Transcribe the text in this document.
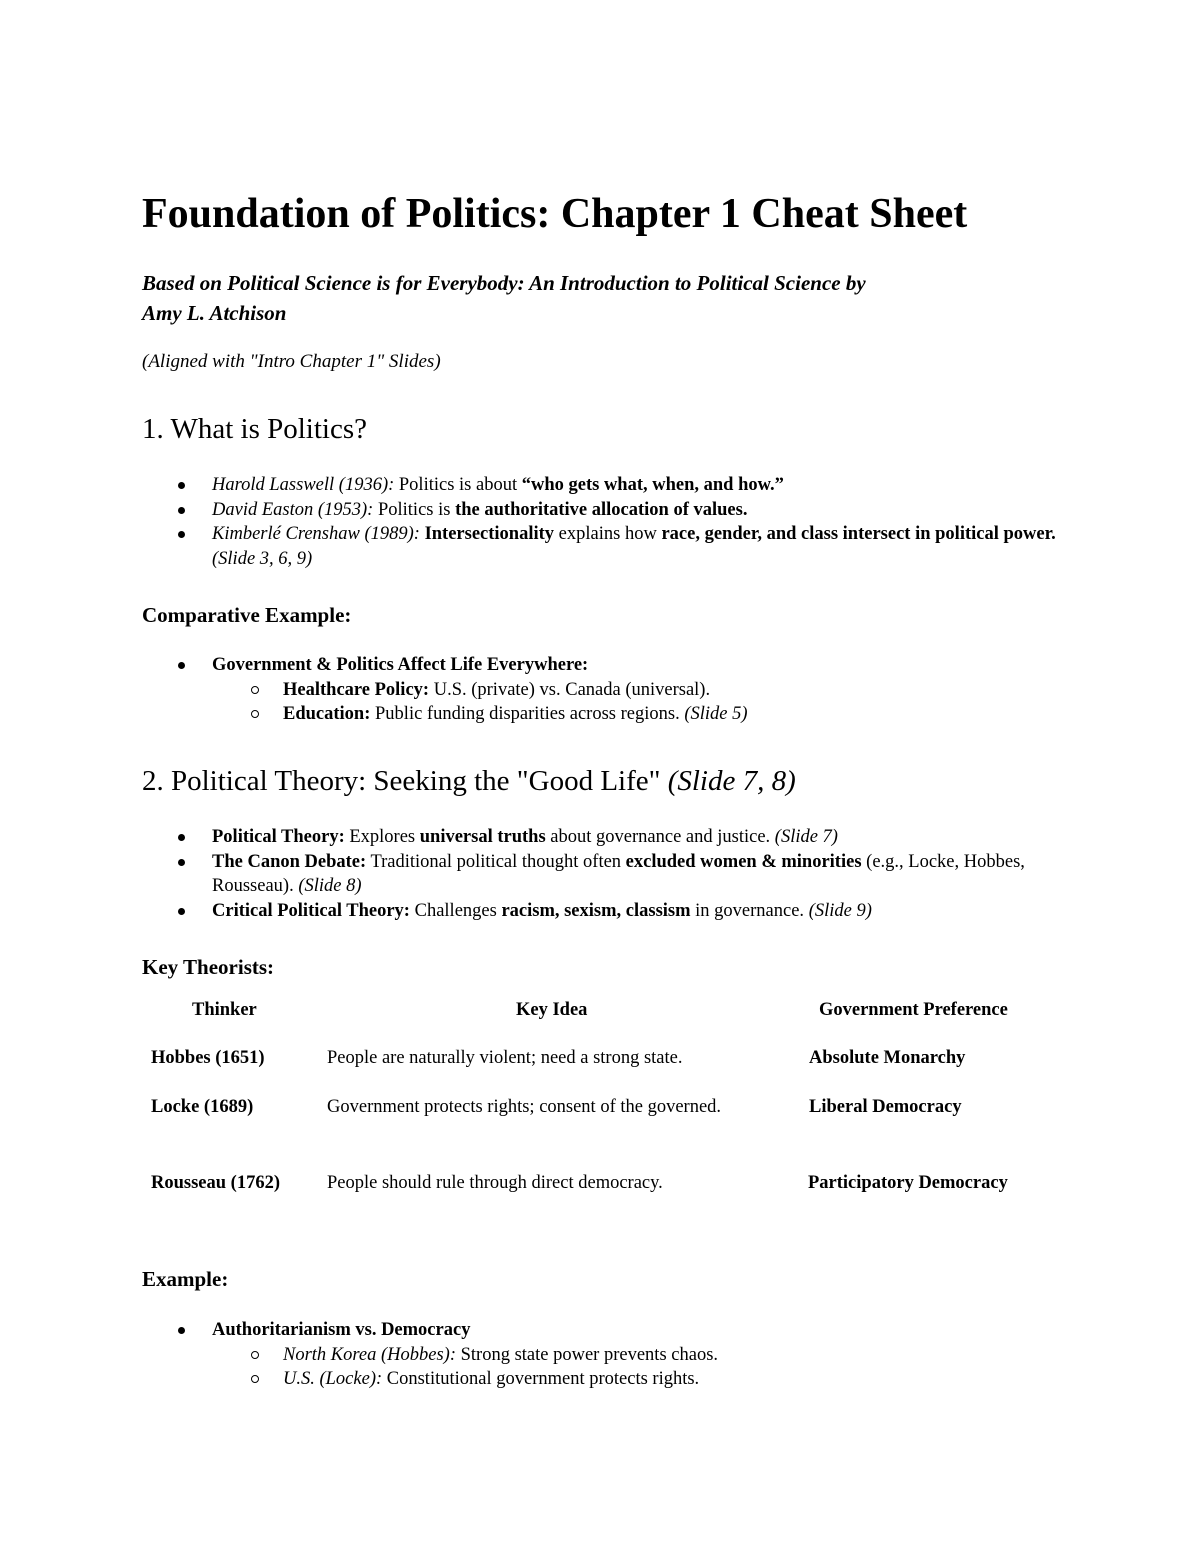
Foundation of Politics: Chapter 1 Cheat Sheet
Based on Political Science is for Everybody: An Introduction to Political Science by
Amy L. Atchison
(Aligned with "Intro Chapter 1" Slides)
1. What is Politics?
Harold Lasswell (1936): Politics is about “who gets what, when, and how.”
David Easton (1953): Politics is the authoritative allocation of values.
Kimberlé Crenshaw (1989): Intersectionality explains how race, gender, and class intersect in political power. (Slide 3, 6, 9)
Comparative Example:
Government & Politics Affect Life Everywhere:
Healthcare Policy: U.S. (private) vs. Canada (universal).
Education: Public funding disparities across regions. (Slide 5)
2. Political Theory: Seeking the "Good Life" (Slide 7, 8)
Political Theory: Explores universal truths about governance and justice. (Slide 7)
The Canon Debate: Traditional political thought often excluded women & minorities (e.g., Locke, Hobbes, Rousseau). (Slide 8)
Critical Political Theory: Challenges racism, sexism, classism in governance. (Slide 9)
Key Theorists:
Thinker	Key Idea	Government Preference
Hobbes (1651)	People are naturally violent; need a strong state.	Absolute Monarchy
Locke (1689)	Government protects rights; consent of the governed.	Liberal Democracy
Rousseau (1762)	People should rule through direct democracy.	Participatory Democracy
Example:
Authoritarianism vs. Democracy
North Korea (Hobbes): Strong state power prevents chaos.
U.S. (Locke): Constitutional government protects rights.
